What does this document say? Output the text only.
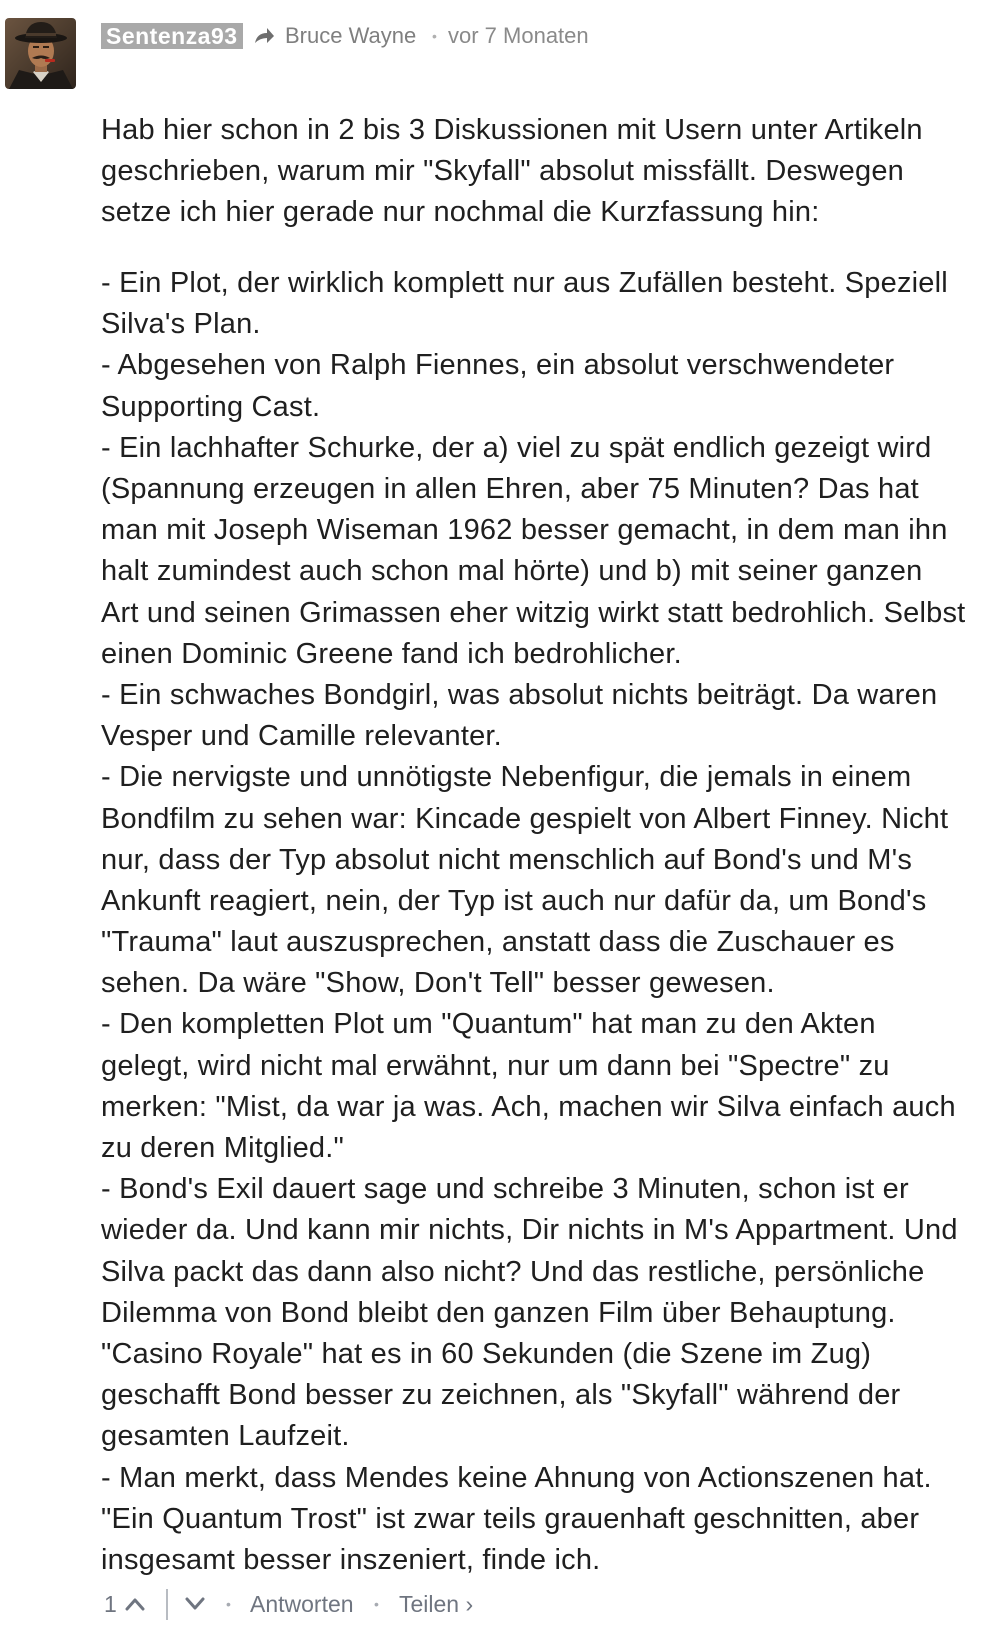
Sentenza93 Bruce Wayne • vor 7 Monaten
Hab hier schon in 2 bis 3 Diskussionen mit Usern unter Artikeln
geschrieben, warum mir "Skyfall" absolut missfällt. Deswegen
setze ich hier gerade nur nochmal die Kurzfassung hin:
- Ein Plot, der wirklich komplett nur aus Zufällen besteht. Speziell
Silva's Plan.
- Abgesehen von Ralph Fiennes, ein absolut verschwendeter
Supporting Cast.
- Ein lachhafter Schurke, der a) viel zu spät endlich gezeigt wird
(Spannung erzeugen in allen Ehren, aber 75 Minuten? Das hat
man mit Joseph Wiseman 1962 besser gemacht, in dem man ihn
halt zumindest auch schon mal hörte) und b) mit seiner ganzen
Art und seinen Grimassen eher witzig wirkt statt bedrohlich. Selbst
einen Dominic Greene fand ich bedrohlicher.
- Ein schwaches Bondgirl, was absolut nichts beiträgt. Da waren
Vesper und Camille relevanter.
- Die nervigste und unnötigste Nebenfigur, die jemals in einem
Bondfilm zu sehen war: Kincade gespielt von Albert Finney. Nicht
nur, dass der Typ absolut nicht menschlich auf Bond's und M's
Ankunft reagiert, nein, der Typ ist auch nur dafür da, um Bond's
"Trauma" laut auszusprechen, anstatt dass die Zuschauer es
sehen. Da wäre "Show, Don't Tell" besser gewesen.
- Den kompletten Plot um "Quantum" hat man zu den Akten
gelegt, wird nicht mal erwähnt, nur um dann bei "Spectre" zu
merken: "Mist, da war ja was. Ach, machen wir Silva einfach auch
zu deren Mitglied."
- Bond's Exil dauert sage und schreibe 3 Minuten, schon ist er
wieder da. Und kann mir nichts, Dir nichts in M's Appartment. Und
Silva packt das dann also nicht? Und das restliche, persönliche
Dilemma von Bond bleibt den ganzen Film über Behauptung.
"Casino Royale" hat es in 60 Sekunden (die Szene im Zug)
geschafft Bond besser zu zeichnen, als "Skyfall" während der
gesamten Laufzeit.
- Man merkt, dass Mendes keine Ahnung von Actionszenen hat.
"Ein Quantum Trost" ist zwar teils grauenhaft geschnitten, aber
insgesamt besser inszeniert, finde ich.
1	• Antworten • Teilen ›
